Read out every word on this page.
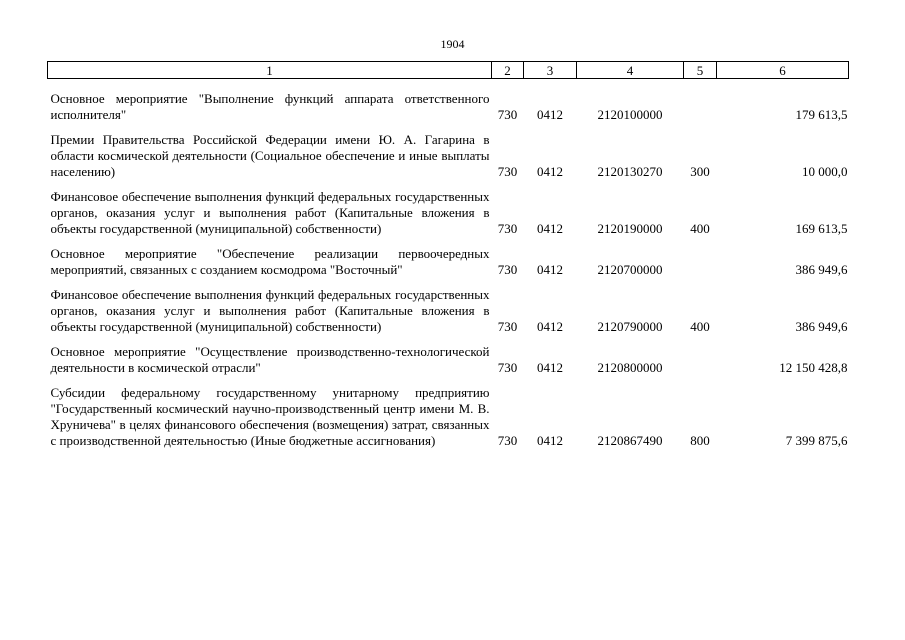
1904
1	2	3	4	5	6

Основное мероприятие "Выполнение функций аппарата ответственного исполнителя"	730	0412	2120100000		179 613,5

Премии Правительства Российской Федерации имени Ю. А. Гагарина в области космической деятельности (Социальное обеспечение и иные выплаты населению)	730	0412	2120130270	300	10 000,0

Финансовое обеспечение выполнения функций федеральных государственных органов, оказания услуг и выполнения работ (Капитальные вложения в объекты государственной (муниципальной) собственности)	730	0412	2120190000	400	169 613,5

Основное мероприятие "Обеспечение реализации первоочередных мероприятий, связанных с созданием космодрома "Восточный"	730	0412	2120700000		386 949,6

Финансовое обеспечение выполнения функций федеральных государственных органов, оказания услуг и выполнения работ (Капитальные вложения в объекты государственной (муниципальной) собственности)	730	0412	2120790000	400	386 949,6

Основное мероприятие "Осуществление производственно-технологической деятельности в космической отрасли"	730	0412	2120800000		12 150 428,8

Субсидии федеральному государственному унитарному предприятию "Государственный космический научно-производственный центр имени М. В. Хруничева" в целях финансового обеспечения (возмещения) затрат, связанных с производственной деятельностью (Иные бюджетные ассигнования)	730	0412	2120867490	800	7 399 875,6
